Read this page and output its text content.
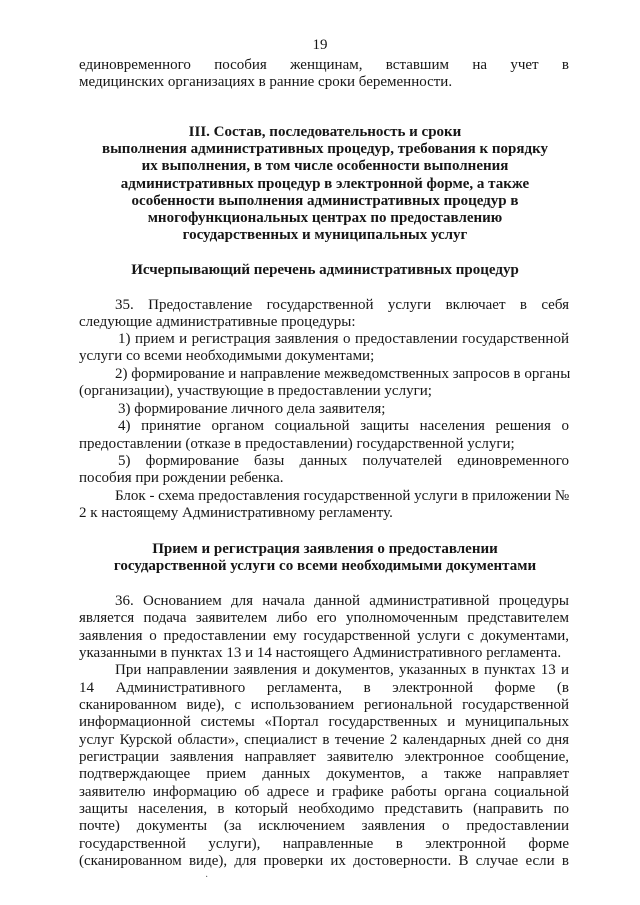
19
единовременного пособия женщинам, вставшим на учет в
медицинских организациях в ранние сроки беременности.
III. Состав, последовательность и сроки
выполнения административных процедур, требования к порядку
их выполнения, в том числе особенности выполнения
административных процедур в электронной форме, а также
особенности выполнения административных процедур в
многофункциональных центрах по предоставлению
государственных и муниципальных услуг
Исчерпывающий перечень административных процедур
35. Предоставление государственной услуги включает в себя
следующие административные процедуры:
1) прием и регистрация заявления о предоставлении государственной
услуги со всеми необходимыми документами;
2) формирование и направление межведомственных запросов в органы
(организации), участвующие в предоставлении услуги;
3) формирование личного дела заявителя;
4) принятие органом социальной защиты населения решения о
предоставлении (отказе в предоставлении) государственной услуги;
5) формирование базы данных получателей единовременного
пособия при рождении ребенка.
Блок - схема предоставления государственной услуги в приложении №
2 к настоящему Административному регламенту.
Прием и регистрация заявления о предоставлении
государственной услуги со всеми необходимыми документами
36. Основанием для начала данной административной процедуры
является подача заявителем либо его уполномоченным представителем
заявления о предоставлении ему государственной услуги с документами,
указанными в пунктах 13 и 14 настоящего Административного регламента.
При направлении заявления и документов, указанных в пунктах 13 и
14 Административного регламента, в электронной форме (в
сканированном виде), с использованием региональной государственной
информационной системы «Портал государственных и муниципальных
услуг Курской области», специалист в течение 2 календарных дней со дня
регистрации заявления направляет заявителю электронное сообщение,
подтверждающее прием данных документов, а также направляет
заявителю информацию об адресе и графике работы органа социальной
защиты населения, в который необходимо представить (направить по
почте) документы (за исключением заявления о предоставлении
государственной услуги), направленные в электронной форме
(сканированном виде), для проверки их достоверности. В случае если в
·
